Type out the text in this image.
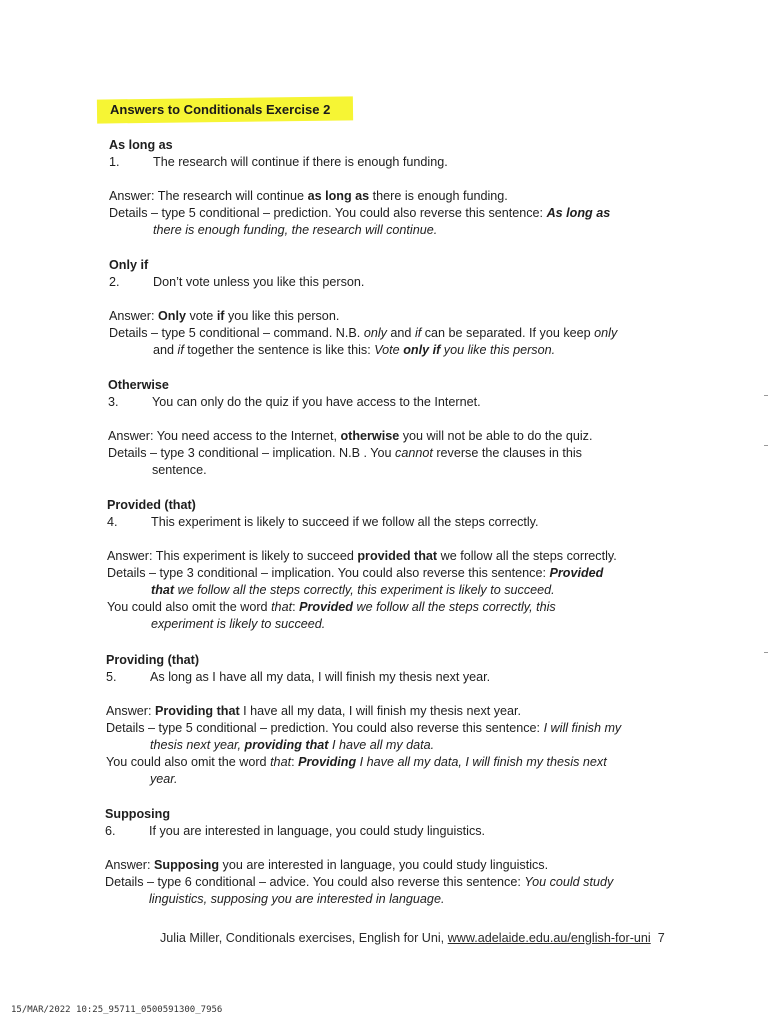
Answers to Conditionals Exercise 2
As long as
1.	The research will continue if there is enough funding.
Answer: The research will continue as long as there is enough funding.
Details – type 5 conditional – prediction. You could also reverse this sentence: As long as
there is enough funding, the research will continue.
Only if
2.	Don’t vote unless you like this person.
Answer: Only vote if you like this person.
Details – type 5 conditional – command. N.B. only and if can be separated. If you keep only
and if together the sentence is like this: Vote only if you like this person.
Otherwise
3.	You can only do the quiz if you have access to the Internet.
Answer: You need access to the Internet, otherwise you will not be able to do the quiz.
Details – type 3 conditional – implication. N.B . You cannot reverse the clauses in this
sentence.
Provided (that)
4.	This experiment is likely to succeed if we follow all the steps correctly.
Answer: This experiment is likely to succeed provided that we follow all the steps correctly.
Details – type 3 conditional – implication. You could also reverse this sentence: Provided
that we follow all the steps correctly, this experiment is likely to succeed.
You could also omit the word that: Provided we follow all the steps correctly, this
experiment is likely to succeed.
Providing (that)
5.	As long as I have all my data, I will finish my thesis next year.
Answer: Providing that I have all my data, I will finish my thesis next year.
Details – type 5 conditional – prediction. You could also reverse this sentence: I will finish my
thesis next year, providing that I have all my data.
You could also omit the word that: Providing I have all my data, I will finish my thesis next
year.
Supposing
6.	If you are interested in language, you could study linguistics.
Answer: Supposing you are interested in language, you could study linguistics.
Details – type 6 conditional – advice. You could also reverse this sentence: You could study
linguistics, supposing you are interested in language.
Julia Miller, Conditionals exercises, English for Uni, www.adelaide.edu.au/english-for-uni 7
15/MAR/2022 10:25_95711_0500591300_7956
